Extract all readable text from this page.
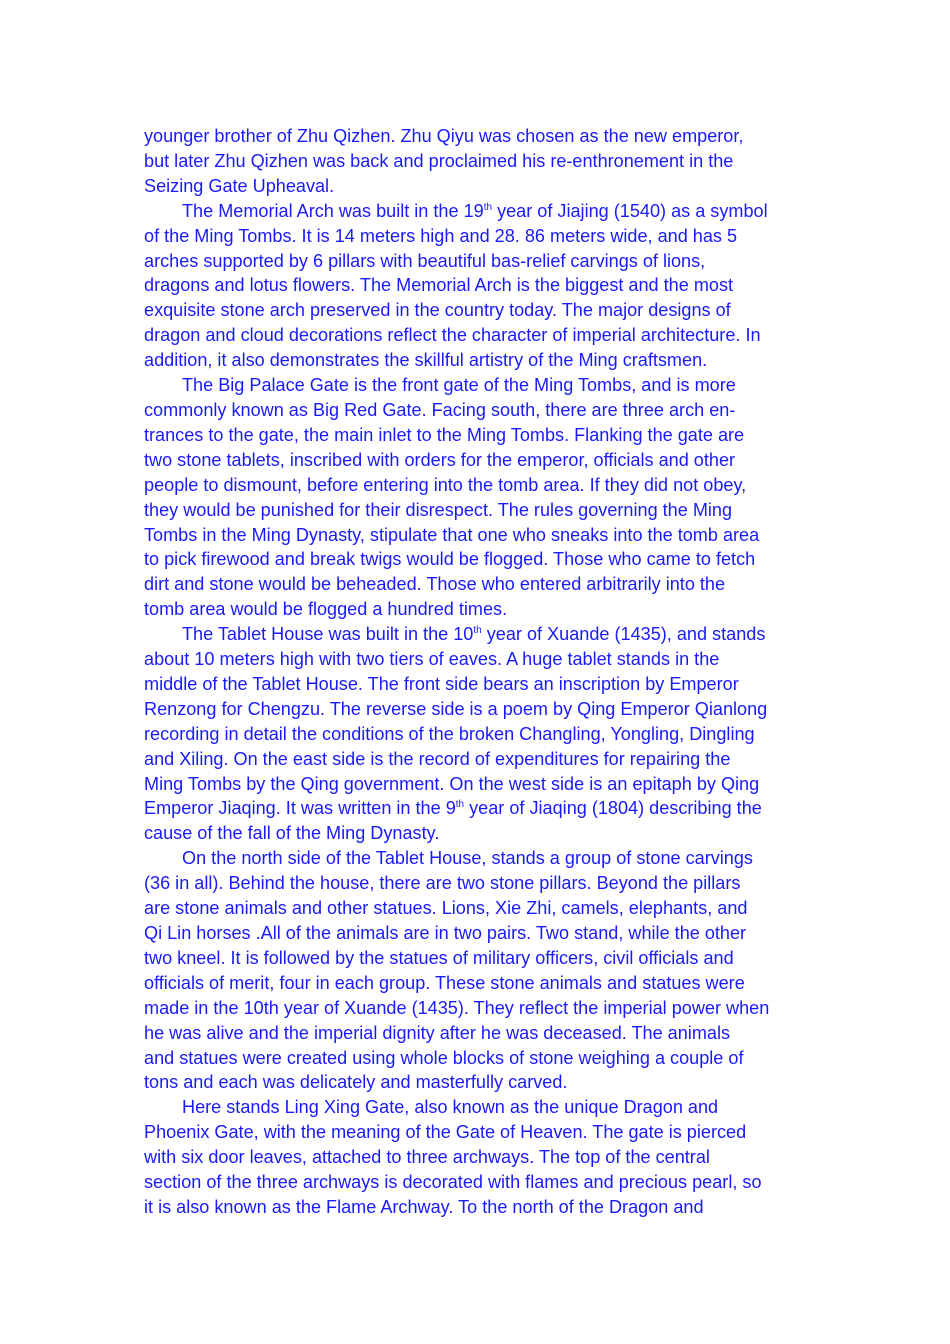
younger brother of Zhu Qizhen. Zhu Qiyu was chosen as the new emperor,
but later Zhu Qizhen was back and proclaimed his re-enthronement in the
Seizing Gate Upheaval.
The Memorial Arch was built in the 19th year of Jiajing (1540) as a symbol
of the Ming Tombs. It is 14 meters high and 28. 86 meters wide, and has 5
arches supported by 6 pillars with beautiful bas-relief carvings of lions,
dragons and lotus flowers. The Memorial Arch is the biggest and the most
exquisite stone arch preserved in the country today. The major designs of
dragon and cloud decorations reflect the character of imperial architecture. In
addition, it also demonstrates the skillful artistry of the Ming craftsmen.
The Big Palace Gate is the front gate of the Ming Tombs, and is more
commonly known as Big Red Gate. Facing south, there are three arch en-
trances to the gate, the main inlet to the Ming Tombs. Flanking the gate are
two stone tablets, inscribed with orders for the emperor, officials and other
people to dismount, before entering into the tomb area. If they did not obey,
they would be punished for their disrespect. The rules governing the Ming
Tombs in the Ming Dynasty, stipulate that one who sneaks into the tomb area
to pick firewood and break twigs would be flogged. Those who came to fetch
dirt and stone would be beheaded. Those who entered arbitrarily into the
tomb area would be flogged a hundred times.
The Tablet House was built in the 10th year of Xuande (1435), and stands
about 10 meters high with two tiers of eaves. A huge tablet stands in the
middle of the Tablet House. The front side bears an inscription by Emperor
Renzong for Chengzu. The reverse side is a poem by Qing Emperor Qianlong
recording in detail the conditions of the broken Changling, Yongling, Dingling
and Xiling. On the east side is the record of expenditures for repairing the
Ming Tombs by the Qing government. On the west side is an epitaph by Qing
Emperor Jiaqing. It was written in the 9th year of Jiaqing (1804) describing the
cause of the fall of the Ming Dynasty.
On the north side of the Tablet House, stands a group of stone carvings
(36 in all). Behind the house, there are two stone pillars. Beyond the pillars
are stone animals and other statues. Lions, Xie Zhi, camels, elephants, and
Qi Lin horses .All of the animals are in two pairs. Two stand, while the other
two kneel. It is followed by the statues of military officers, civil officials and
officials of merit, four in each group. These stone animals and statues were
made in the 10th year of Xuande (1435). They reflect the imperial power when
he was alive and the imperial dignity after he was deceased. The animals
and statues were created using whole blocks of stone weighing a couple of
tons and each was delicately and masterfully carved.
Here stands Ling Xing Gate, also known as the unique Dragon and
Phoenix Gate, with the meaning of the Gate of Heaven. The gate is pierced
with six door leaves, attached to three archways. The top of the central
section of the three archways is decorated with flames and precious pearl, so
it is also known as the Flame Archway. To the north of the Dragon and
